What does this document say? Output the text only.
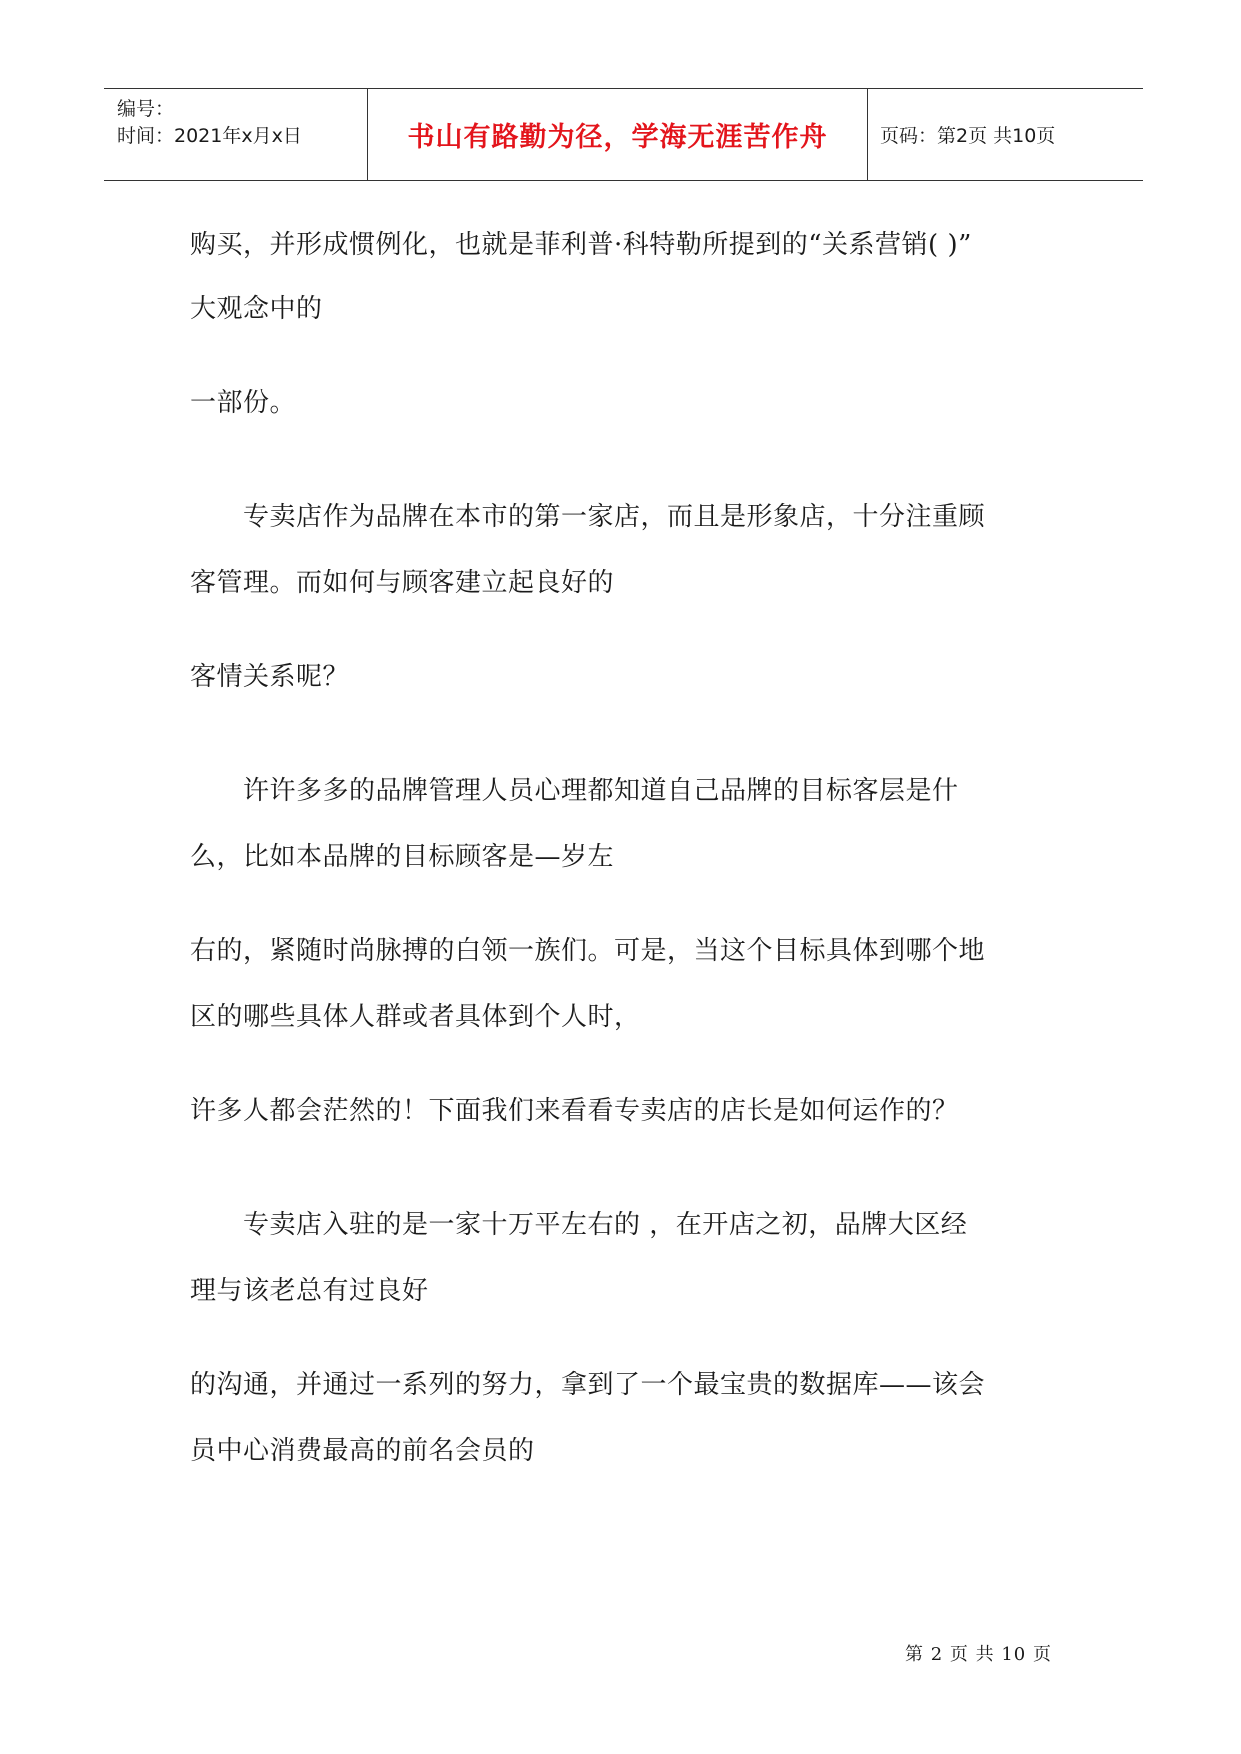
编号：
时间：2021年x月x日	书山有路勤为径，学海无涯苦作舟	页码：第2页 共10页
购买，并形成惯例化，也就是菲利普·科特勒所提到的“关系营销( )”
大观念中的
一部份。
　　专卖店作为品牌在本市的第一家店，而且是形象店，十分注重顾
客管理。而如何与顾客建立起良好的
客情关系呢？
　　许许多多的品牌管理人员心理都知道自己品牌的目标客层是什
么，比如本品牌的目标顾客是—岁左
右的，紧随时尚脉搏的白领一族们。可是，当这个目标具体到哪个地
区的哪些具体人群或者具体到个人时，
许多人都会茫然的！下面我们来看看专卖店的店长是如何运作的？
　　专卖店入驻的是一家十万平左右的 ，在开店之初，品牌大区经
理与该老总有过良好
的沟通，并通过一系列的努力，拿到了一个最宝贵的数据库——该会
员中心消费最高的前名会员的
第 2 页 共 10 页
